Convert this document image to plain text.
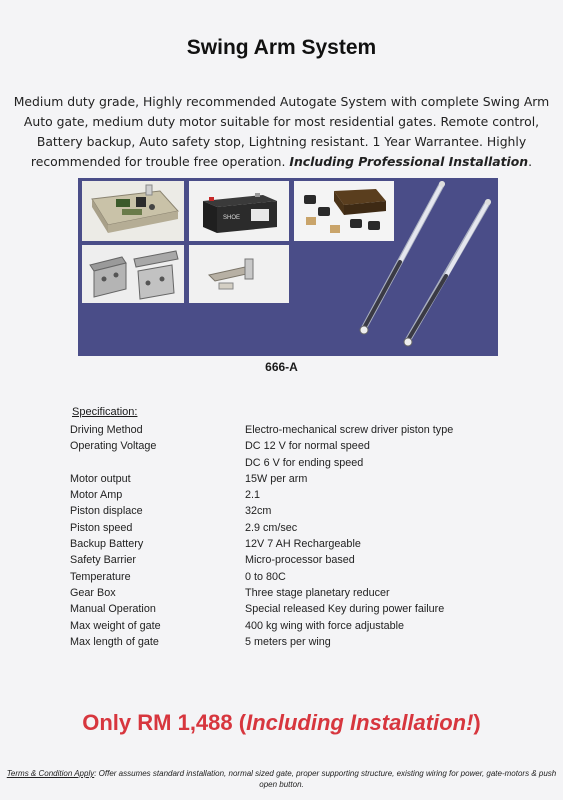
Swing Arm System
Medium duty grade, Highly recommended Autogate System with complete Swing Arm Auto gate, medium duty motor suitable for most residential gates. Remote control, Battery backup, Auto safety stop, Lightning resistant. 1 Year Warrantee. Highly recommended for trouble free operation. Including Professional Installation.
SHOE
666-A
Specification:
Driving Method	Electro-mechanical screw driver piston type

Operating Voltage	DC 12 V for normal speed
DC 6 V for ending speed

Motor output	15W per arm

Motor Amp	2.1

Piston displace	32cm

Piston speed	2.9 cm/sec

Backup Battery	12V 7 AH Rechargeable

Safety Barrier	Micro-processor based

Temperature	0 to 80C

Gear Box	Three stage planetary reducer

Manual Operation	Special released Key during power failure

Max weight of gate	400 kg wing with force adjustable

Max length of gate	5 meters per wing
Only RM 1,488 (Including Installation!)
Terms & Condition Apply: Offer assumes standard installation, normal sized gate, proper supporting structure, existing wiring for power, gate-motors & push open button.
